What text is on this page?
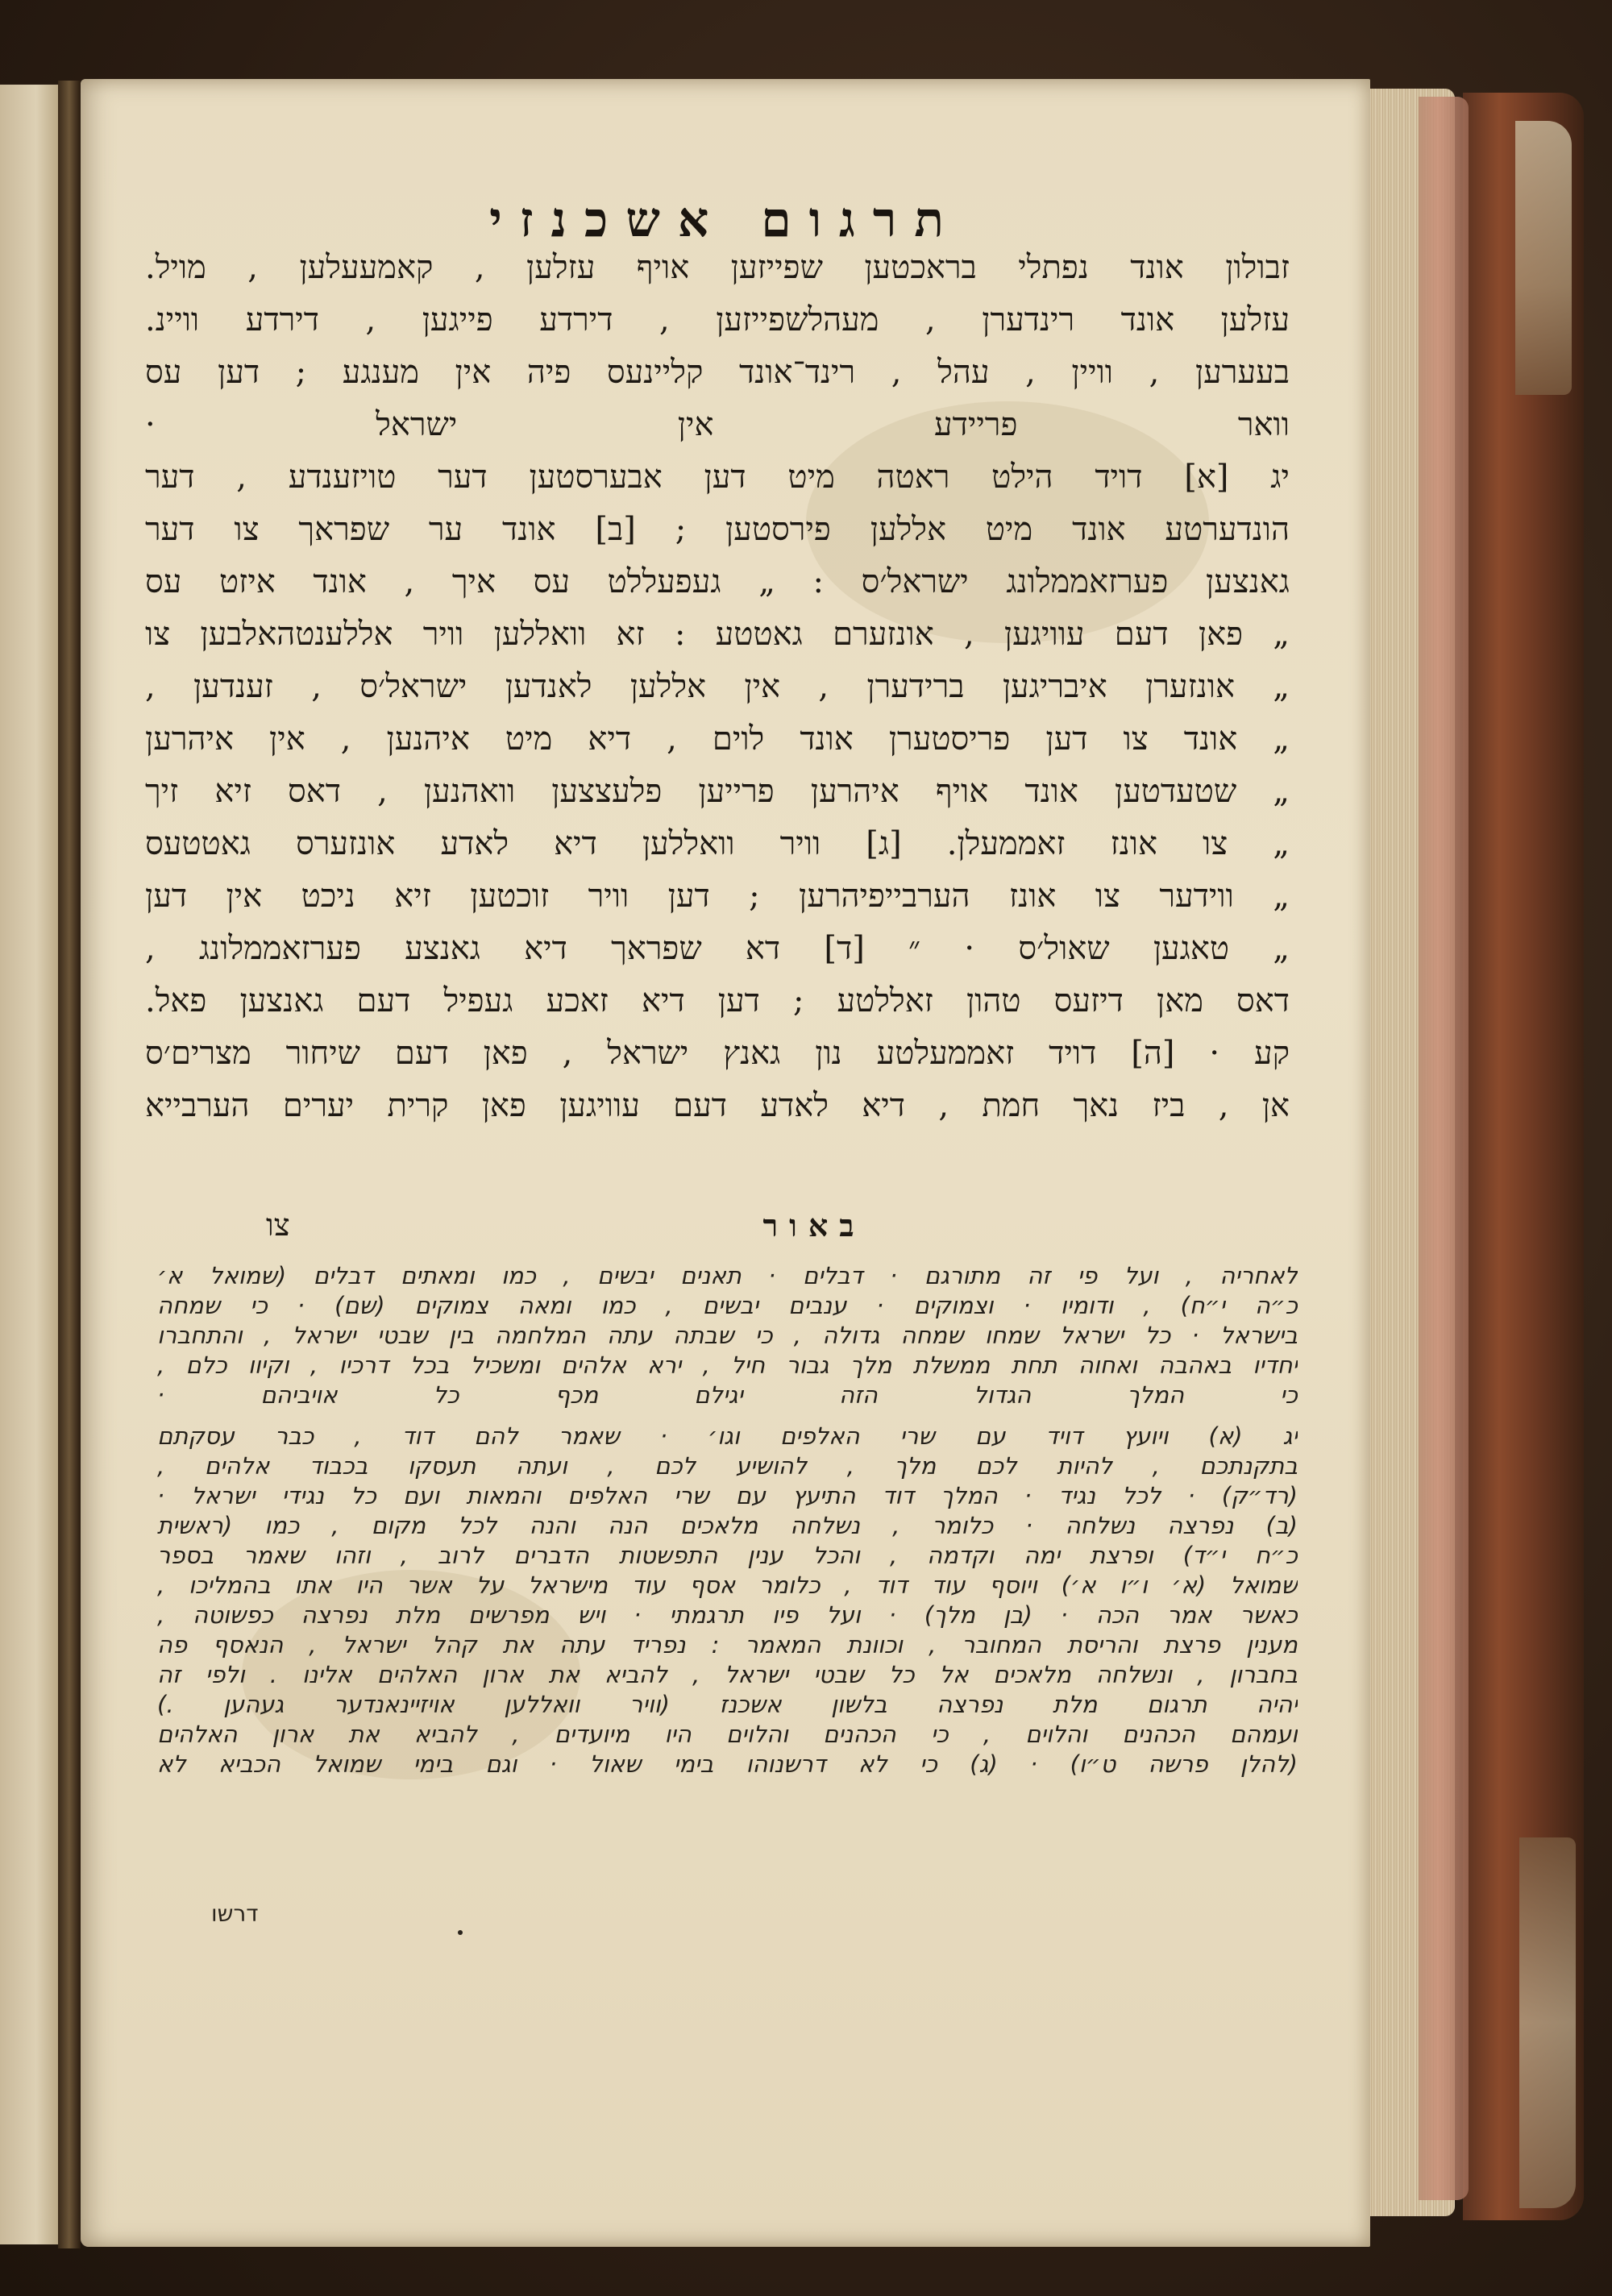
תרגום אשכנזי
זבולון אונד נפתלי בראכטען שפייזען אויף עזלען , קאמעעלען , מויל.
עזלען אונד רינדערן , מעהלשפייזען , דירדע פייגען , דירדע וויינ.
בעערען , וויין , עהל , רינד־אונד קליינעס פיה אין מענגע ; דען עס
וואר פריידע אין ישראל ·
יג [א] דויד הילט ראטה מיט דען אבערסטען דער טויזענדע , דער
הונדערטע אונד מיט אללען פירסטען ; [ב] אונד ער שפראך צו דער
גאנצען פערזאממלונג ישראל׳ס : „ געפעללט עס איך , אונד איזט עס
„ פאן דעם עוויגען , אונזערם גאטטע : זא וואללען וויר אללענטהאלבען צו
„ אונזערן איבריגען ברידערן , אין אללען לאנדען ישראל׳ס , זענדען ,
„ אונד צו דען פריסטערן אונד לוים , דיא מיט איהנען , אין איהרען
„ שטעדטען אונד אויף איהרען פרייען פלעצצען וואהנען , דאס זיא זיך
„ צו אונז זאממעלן. [ג] וויר וואללען דיא לאדע אונזערס גאטטעס
„ ווידער צו אונז הערבייפיהרען ; דען וויר זוכטען זיא ניכט אין דען
„ טאגען שאול׳ס · ״ [ד] דא שפראך דיא גאנצע פערזאממלונג ,
דאס מאן דיזעס טהון זאללטע ; דען דיא זאכע געפיל דעם גאנצען פאל.
קע · [ה] דויד זאממעלטע נון גאנץ ישראל , פאן דעם שיחור מצרים׳ס
אן , ביז נאך חמת , דיא לאדע דעם עוויגען פאן קרית יערים הערבייא
באור
צו
לאחריה , ועל פי זה מתורגם · דבלים · תאנים יבשים , כמו ומאתים דבלים (שמואל א׳
כ״ה י״ח) , ודומיו · וצמוקים · ענבים יבשים , כמו ומאה צמוקים (שם) · כי שמחה
בישראל · כל ישראל שמחו שמחה גדולה , כי שבתה עתה המלחמה בין שבטי ישראל , והתחברו
יחדיו באהבה ואחוה תחת ממשלת מלך גבור חיל , ירא אלהים ומשכיל בכל דרכיו , וקיוו כלם ,
כי המלך הגדול הזה יגילם מכף כל אויביהם ·
יג (א) ויועץ דויד עם שרי האלפים וגו׳ · שאמר להם דוד , כבר עסקתם
בתקנתכם , להיות לכם מלך , להושיע לכם , ועתה תעסקו בכבוד אלהים ,
(רד״ק) · לכל נגיד · המלך דוד התיעץ עם שרי האלפים והמאות ועם כל נגידי ישראל ·
(ב) נפרצה נשלחה · כלומר , נשלחה מלאכים הנה והנה לכל מקום , כמו (ראשית
כ״ח י״ד) ופרצת ימה וקדמה , והכל ענין התפשטות הדברים לרוב , וזהו שאמר בספר
שמואל (א׳ ו״ו א׳) ויוסף עוד דוד , כלומר אסף עוד מישראל על אשר היו אתו בהמליכו ,
כאשר אמר הכה · (בן מלך) · ועל פיו תרגמתי · ויש מפרשים מלת נפרצה כפשוטה ,
מענין פרצת והריסת המחובר , וכוונת המאמר : נפריד עתה את קהל ישראל , הנאסף פה
בחברון , ונשלחה מלאכים אל כל שבטי ישראל , להביא את ארון האלהים אלינו . ולפי זה
יהיה תרגום מלת נפרצה בלשון אשכנז (וויר וואללען אויזיינאנדער געהען .)
ועמהם הכהנים והלוים , כי הכהנים והלוים היו מיועדים , להביא את ארון האלהים
(להלן פרשה ט״ו) · (ג) כי לא דרשנוהו בימי שאול · וגם בימי שמואל הכביא לא
דרשו
